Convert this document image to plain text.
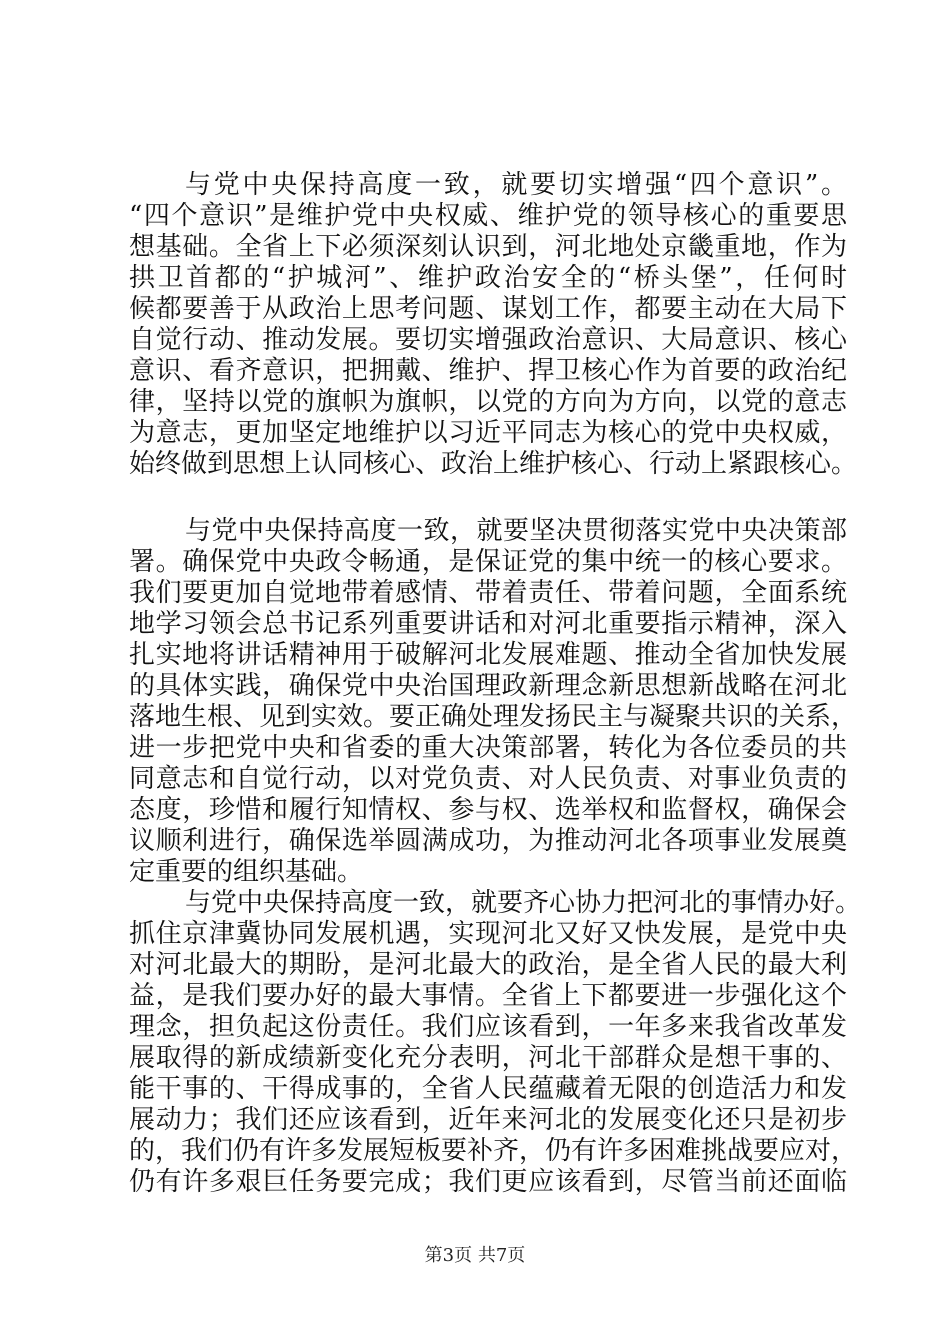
与党中央保持高度一致，就要切实增强“四个意识”。
“四个意识”是维护党中央权威、维护党的领导核心的重要思
想基础。全省上下必须深刻认识到，河北地处京畿重地，作为
拱卫首都的“护城河”、维护政治安全的“桥头堡”，任何时
候都要善于从政治上思考问题、谋划工作，都要主动在大局下
自觉行动、推动发展。要切实增强政治意识、大局意识、核心
意识、看齐意识，把拥戴、维护、捍卫核心作为首要的政治纪
律，坚持以党的旗帜为旗帜，以党的方向为方向，以党的意志
为意志，更加坚定地维护以习近平同志为核心的党中央权威，
始终做到思想上认同核心、政治上维护核心、行动上紧跟核心。
与党中央保持高度一致，就要坚决贯彻落实党中央决策部
署。确保党中央政令畅通，是保证党的集中统一的核心要求。
我们要更加自觉地带着感情、带着责任、带着问题，全面系统
地学习领会总书记系列重要讲话和对河北重要指示精神，深入
扎实地将讲话精神用于破解河北发展难题、推动全省加快发展
的具体实践，确保党中央治国理政新理念新思想新战略在河北
落地生根、见到实效。要正确处理发扬民主与凝聚共识的关系，
进一步把党中央和省委的重大决策部署，转化为各位委员的共
同意志和自觉行动，以对党负责、对人民负责、对事业负责的
态度，珍惜和履行知情权、参与权、选举权和监督权，确保会
议顺利进行，确保选举圆满成功，为推动河北各项事业发展奠
定重要的组织基础。
与党中央保持高度一致，就要齐心协力把河北的事情办好。
抓住京津冀协同发展机遇，实现河北又好又快发展，是党中央
对河北最大的期盼，是河北最大的政治，是全省人民的最大利
益，是我们要办好的最大事情。全省上下都要进一步强化这个
理念，担负起这份责任。我们应该看到，一年多来我省改革发
展取得的新成绩新变化充分表明，河北干部群众是想干事的、
能干事的、干得成事的，全省人民蕴藏着无限的创造活力和发
展动力；我们还应该看到，近年来河北的发展变化还只是初步
的，我们仍有许多发展短板要补齐，仍有许多困难挑战要应对，
仍有许多艰巨任务要完成；我们更应该看到，尽管当前还面临
第3页 共7页
